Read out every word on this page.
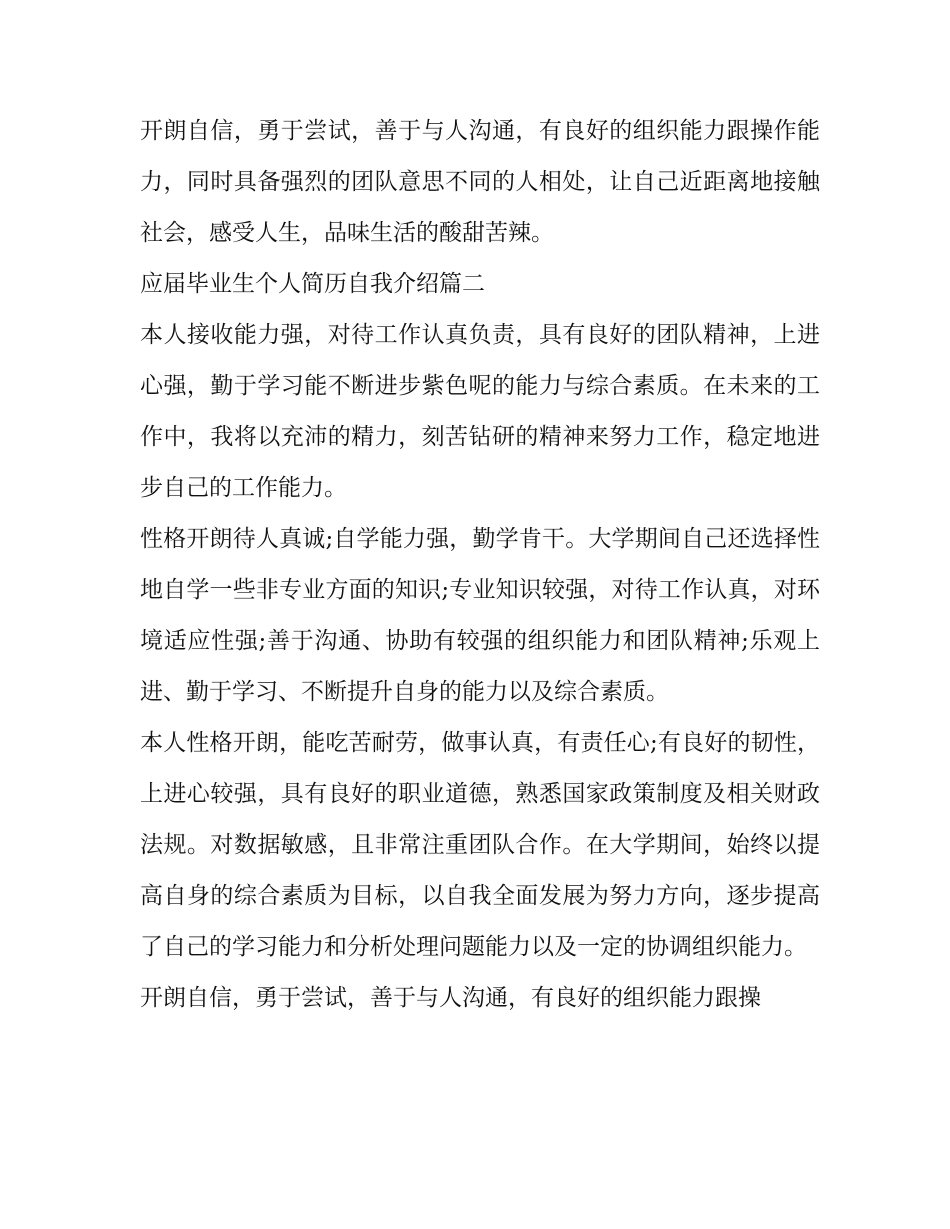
开朗自信，勇于尝试，善于与人沟通，有良好的组织能力跟操作能力，同时具备强烈的团队意思不同的人相处，让自己近距离地接触社会，感受人生，品味生活的酸甜苦辣。

应届毕业生个人简历自我介绍篇二

本人接收能力强，对待工作认真负责，具有良好的团队精神，上进心强，勤于学习能不断进步紫色呢的能力与综合素质。在未来的工作中，我将以充沛的精力，刻苦钻研的精神来努力工作，稳定地进步自己的工作能力。

性格开朗待人真诚;自学能力强，勤学肯干。大学期间自己还选择性地自学一些非专业方面的知识;专业知识较强，对待工作认真，对环境适应性强;善于沟通、协助有较强的组织能力和团队精神;乐观上进、勤于学习、不断提升自身的能力以及综合素质。

本人性格开朗，能吃苦耐劳，做事认真，有责任心;有良好的韧性，上进心较强，具有良好的职业道德，熟悉国家政策制度及相关财政法规。对数据敏感，且非常注重团队合作。在大学期间，始终以提高自身的综合素质为目标，以自我全面发展为努力方向，逐步提高了自己的学习能力和分析处理问题能力以及一定的协调组织能力。

开朗自信，勇于尝试，善于与人沟通，有良好的组织能力跟操
